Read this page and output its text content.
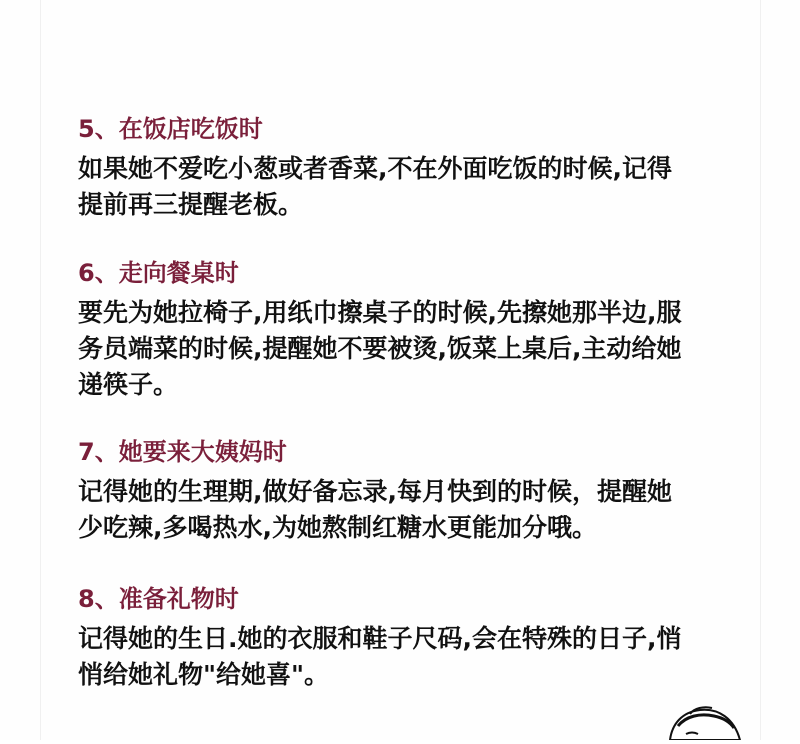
5、在饭店吃饭时
如果她不爱吃小葱或者香菜,不在外面吃饭的时候,记得
提前再三提醒老板。
6、走向餐桌时
要先为她拉椅子,用纸巾擦桌子的时候,先擦她那半边,服
务员端菜的时候,提醒她不要被烫,饭菜上桌后,主动给她
递筷子。
7、她要来大姨妈时
记得她的生理期,做好备忘录,每月快到的时候，提醒她
少吃辣,多喝热水,为她熬制红糖水更能加分哦。
8、准备礼物时
记得她的生日.她的衣服和鞋子尺码,会在特殊的日子,悄
悄给她礼物"给她喜"。
